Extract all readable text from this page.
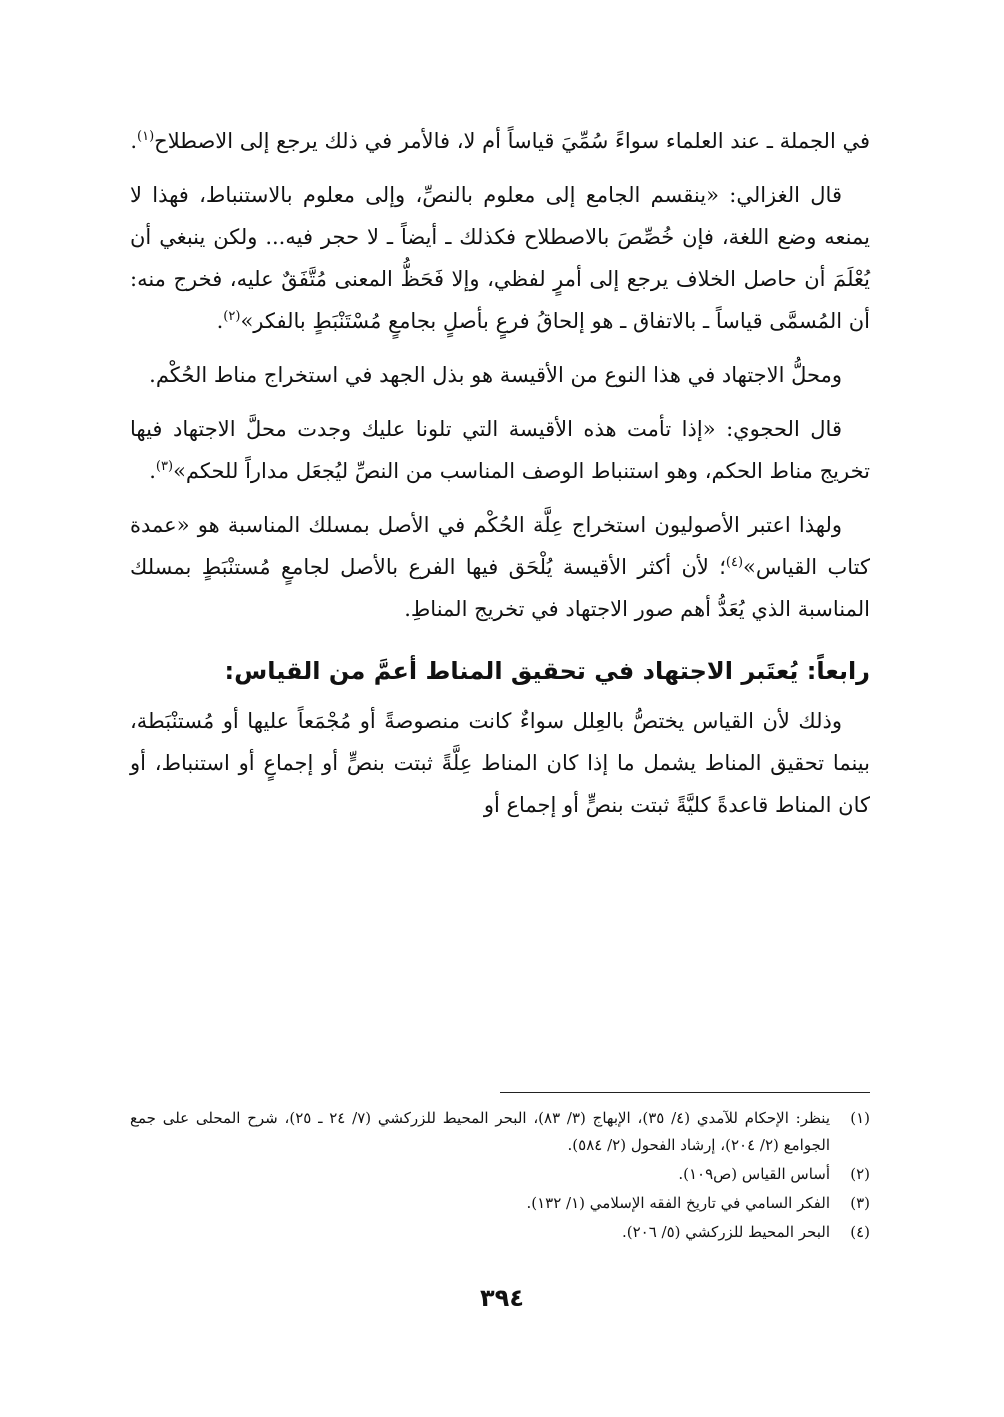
في الجملة ـ عند العلماء سواءً سُمِّيَ قياساً أم لا، فالأمر في ذلك يرجع إلى الاصطلاح$^{(١)}$.

قال الغزالي: «ينقسم الجامع إلى معلوم بالنصِّ، وإلى معلوم بالاستنباط، فهذا لا يمنعه وضع اللغة، فإن خُصِّصَ بالاصطلاح فكذلك ـ أيضاً ـ لا حجر فيه... ولكن ينبغي أن يُعْلَمَ أن حاصل الخلاف يرجع إلى أمرٍ لفظي، وإلا فَحَظُّ المعنى مُتَّفَقٌ عليه، فخرج منه: أن المُسمَّى قياساً ـ بالاتفاق ـ هو إلحاقُ فرعٍ بأصلٍ بجامعٍ مُسْتَنْبَطٍ بالفكر»$^{(٢)}$.

ومحلُّ الاجتهاد في هذا النوع من الأقيسة هو بذل الجهد في استخراج مناط الحُكْم.

قال الحجوي: «إذا تأمت هذه الأقيسة التي تلونا عليك وجدت محلَّ الاجتهاد فيها تخريج مناط الحكم، وهو استنباط الوصف المناسب من النصِّ ليُجعَل مداراً للحكم»$^{(٣)}$.

ولهذا اعتبر الأصوليون استخراج عِلَّة الحُكْم في الأصل بمسلك المناسبة هو «عمدة كتاب القياس»$^{(٤)}$؛ لأن أكثر الأقيسة يُلْحَق فيها الفرع بالأصل لجامعٍ مُستنْبَطٍ بمسلك المناسبة الذي يُعَدُّ أهم صور الاجتهاد في تخريج المناطِ.

رابعاً: يُعتَبر الاجتهاد في تحقيق المناط أعمَّ من القياس:

وذلك لأن القياس يختصُّ بالعِلل سواءٌ كانت منصوصةً أو مُجْمَعاً عليها أو مُستنْبَطة، بينما تحقيق المناط يشمل ما إذا كان المناط عِلَّةً ثبتت بنصٍّ أو إجماعٍ أو استنباط، أو كان المناط قاعدةً كليَّةً ثبتت بنصٍّ أو إجماع أو

(١)
ينظر: الإحكام للآمدي (٤/ ٣٥)، الإبهاج (٣/ ٨٣)، البحر المحيط للزركشي (٧/ ٢٤ ـ ٢٥)، شرح المحلى على جمع الجوامع (٢/ ٢٠٤)، إرشاد الفحول (٢/ ٥٨٤).
(٢)
أساس القياس (ص١٠٩).
(٣)
الفكر السامي في تاريخ الفقه الإسلامي (١/ ١٣٢).
(٤)
البحر المحيط للزركشي (٥/ ٢٠٦).
٣٩٤
